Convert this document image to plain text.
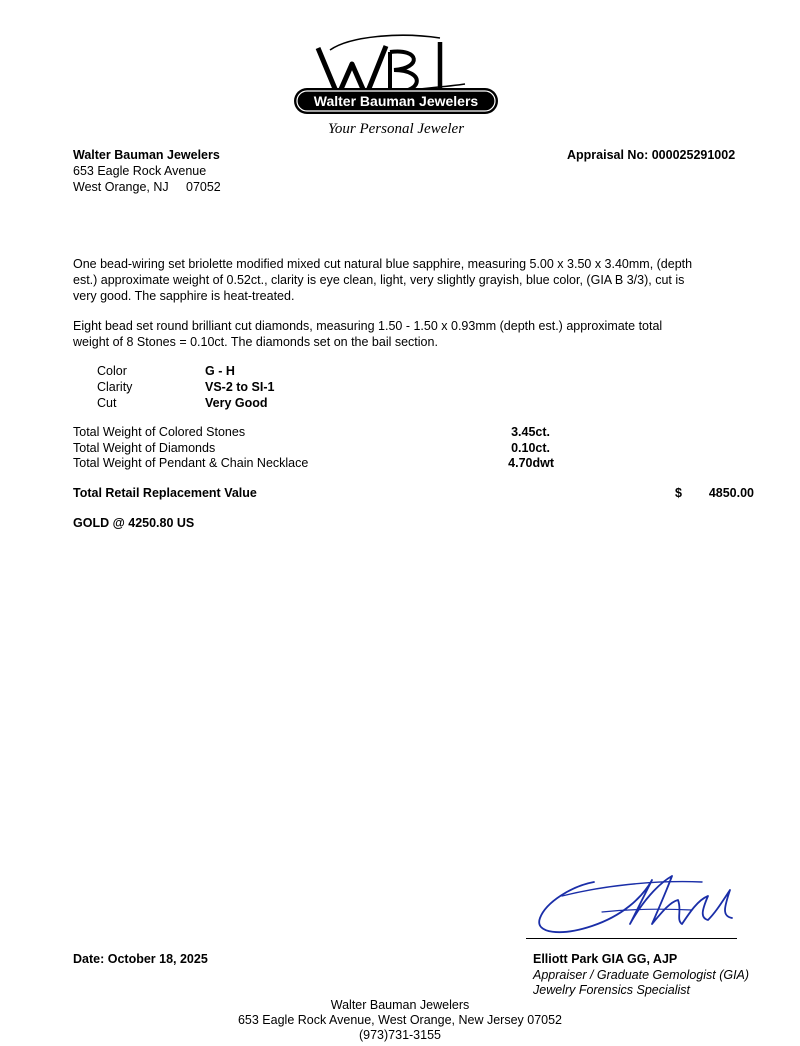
Walter Bauman Jewelers
Your Personal Jeweler
Walter Bauman Jewelers
653 Eagle Rock Avenue
West Orange, NJ     07052
Appraisal No: 000025291002
One bead-wiring set briolette modified mixed cut natural blue sapphire, measuring 5.00 x 3.50 x 3.40mm, (depth est.) approximate weight of 0.52ct., clarity is eye clean, light, very slightly grayish, blue color, (GIA B 3/3), cut is very good. The sapphire is heat-treated.
Eight bead set round brilliant cut diamonds, measuring 1.50 - 1.50 x 0.93mm (depth est.) approximate total weight of 8 Stones = 0.10ct. The diamonds set on the bail section.
Color	G - H
Clarity	VS-2 to SI-1
Cut	Very Good
Total Weight of Colored Stones	3.45ct.
Total Weight of Diamonds	0.10ct.
Total Weight of Pendant & Chain Necklace	4.70dwt
Total Retail Replacement Value	$	4850.00
GOLD @ 4250.80 US
Date: October 18, 2025	Elliott Park GIA GG, AJP
Appraiser / Graduate Gemologist (GIA)
Jewelry Forensics Specialist
Walter Bauman Jewelers
653 Eagle Rock Avenue, West Orange, New Jersey 07052
(973)731-3155
